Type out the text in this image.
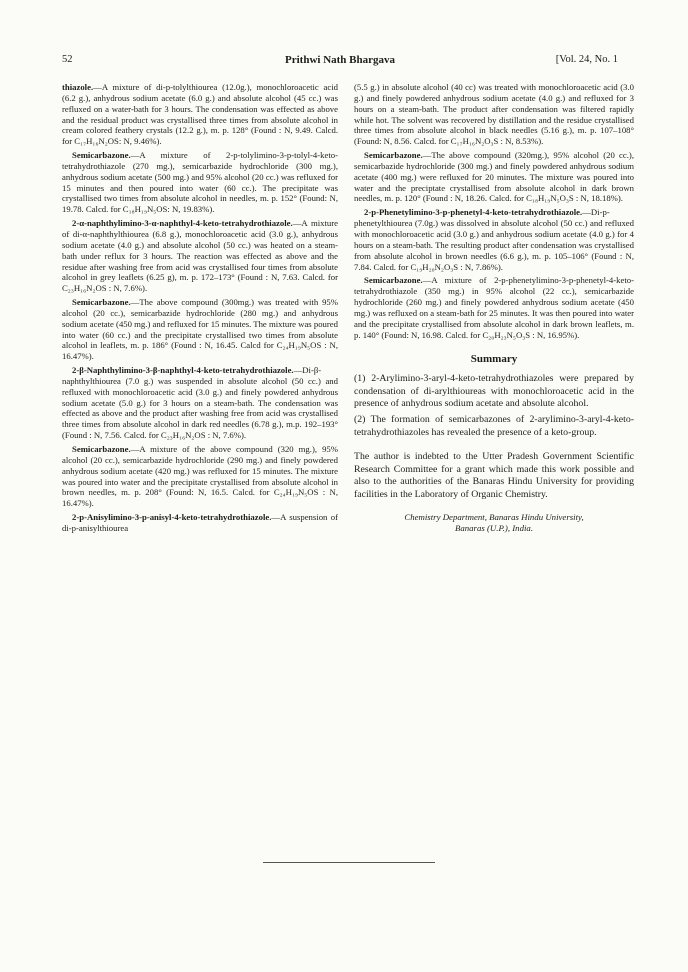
52	Prithwi Nath Bhargava	[Vol. 24, No. 1

thiazole.—A mixture of di-p-tolylthiourea (12.0g.), monochloroacetic acid (6.2 g.), anhydrous sodium acetate (6.0 g.) and absolute alcohol (45 cc.) was refluxed on a water-bath for 3 hours. The condensation was effected as above and the residual product was crystallised three times from absolute alcohol in cream colored feathery crystals (12.2 g.), m. p. 128° (Found : N, 9.49. Calcd. for C₁₇H₁₆N₂OS: N, 9.46%).

Semicarbazone.—A mixture of 2-p-tolylimino-3-p-tolyl-4-keto-tetrahydrothiazole (270 mg.), semicarbazide hydrochloride (300 mg.), anhydrous sodium acetate (500 mg.) and 95% alcohol (20 cc.) was refluxed for 15 minutes and then poured into water (60 cc.). The precipitate was crystallised two times from absolute alcohol in needles, m. p. 152° (Found: N, 19.78. Calcd. for C₁₈H₁₉N₅OS: N, 19.83%).

2-α-naphthylimino-3-α-naphthyl-4-keto-tetrahydrothiazole.—A mixture of di-α-naphthylthiourea (6.8 g.), monochloroacetic acid (3.0 g.), anhydrous sodium acetate (4.0 g.) and absolute alcohol (50 cc.) was heated on a steam-bath under reflux for 3 hours. The reaction was effected as above and the residue after washing free from acid was crystallised four times from absolute alcohol in grey leaflets (6.25 g), m. p. 172–173° (Found : N, 7.63. Calcd. for C₂₃H₁₆N₂OS : N, 7.6%).

Semicarbazone.—The above compound (300mg.) was treated with 95% alcohol (20 cc.), semicarbazide hydrochloride (280 mg.) and anhydrous sodium acetate (450 mg.) and refluxed for 15 minutes. The mixture was poured into water (60 cc.) and the precipitate crystallised two times from absolute alcohol in leaflets, m. p. 186° (Found : N, 16.45. Calcd for C₂₄H₁₉N₅OS : N, 16.47%).

2-β-Naphthylimino-3-β-naphthyl-4-keto-tetrahydrothiazole.—Di-β-naphthylthiourea (7.0 g.) was suspended in absolute alcohol (50 cc.) and refluxed with monochloroacetic acid (3.0 g.) and finely powdered anhydrous sodium acetate (5.0 g.) for 3 hours on a steam-bath. The condensation was effected as above and the product after washing free from acid was crystallised three times from absolute alcohol in dark red needles (6.78 g.), m.p. 192–193° (Found : N, 7.56. Calcd. for C₂₃H₁₆N₂OS : N, 7.6%).

Semicarbazone.—A mixture of the above compound (320 mg.), 95% alcohol (20 cc.), semicarbazide hydrochloride (290 mg.) and finely powdered anhydrous sodium acetate (420 mg.) was refluxed for 15 minutes. The mixture was poured into water and the precipitate crystallised from absolute alcohol in brown needles, m. p. 208° (Found: N, 16.5. Calcd. for C₂₄H₁₉N₅OS : N, 16.47%).

2-p-Anisylimino-3-p-anisyl-4-keto-tetrahydrothiazole.—A suspension of di-p-anisylthiourea

(5.5 g.) in absolute alcohol (40 cc) was treated with monochloroacetic acid (3.0 g.) and finely powdered anhydrous sodium acetate (4.0 g.) and refluxed for 3 hours on a steam-bath. The product after condensation was filtered rapidly while hot. The solvent was recovered by distillation and the residue crystallised three times from absolute alcohol in black needles (5.16 g.), m. p. 107–108° (Found: N, 8.56. Calcd. for C₁₇H₁₆N₂O₃S : N, 8.53%).

Semicarbazone.—The above compound (320mg.), 95% alcohol (20 cc.), semicarbazide hydrochloride (300 mg.) and finely powdered anhydrous sodium acetate (400 mg.) were refluxed for 20 minutes. The mixture was poured into water and the preciptate crystallised from absolute alcohol in dark brown needles, m. p. 120° (Found : N, 18.26. Calcd. for C₁₈H₁₉N₅O₃S : N, 18.18%).

2-p-Phenetylimino-3-p-phenetyl-4-keto-tetrahydrothiazole.—Di-p-phenetylthiourea (7.0g.) was dissolved in absolute alcohol (50 cc.) and refluxed with monochloroacetic acid (3.0 g.) and anhydrous sodium acetate (4.0 g.) for 4 hours on a steam-bath. The resulting product after condensation was crystallised from absolute alcohol in brown needles (6.6 g.), m. p. 105–106° (Found : N, 7.84. Calcd. for C₁₉H₂₀N₂O₃S : N, 7.86%).

Semicarbazone.—A mixture of 2-p-phenetylimino-3-p-phenetyl-4-keto-tetrahydrothiazole (350 mg.) in 95% alcohol (22 cc.), semicarbazide hydrochloride (260 mg.) and finely powdered anhydrous sodium acetate (450 mg.) was refluxed on a steam-bath for 25 minutes. It was then poured into water and the precipitate crystallised from absolute alcohol in dark brown leaflets, m. p. 140° (Found: N, 16.98. Calcd. for C₂₀H₂₃N₅O₃S : N, 16.95%).

Summary

(1) 2-Arylimino-3-aryl-4-keto-tetrahydrothiazoles were prepared by condensation of di-arylthioureas with monochloroacetic acid in the presence of anhydrous sodium acetate and absolute alcohol.

(2) The formation of semicarbazones of 2-arylimino-3-aryl-4-keto-tetrahydrothiazoles has revealed the presence of a keto-group.

The author is indebted to the Utter Pradesh Government Scientific Research Committee for a grant which made this work possible and also to the authorities of the Banaras Hindu University for providing facilities in the Laboratory of Organic Chemistry.

Chemistry Department, Banaras Hindu University,
Banaras (U.P.), India.
